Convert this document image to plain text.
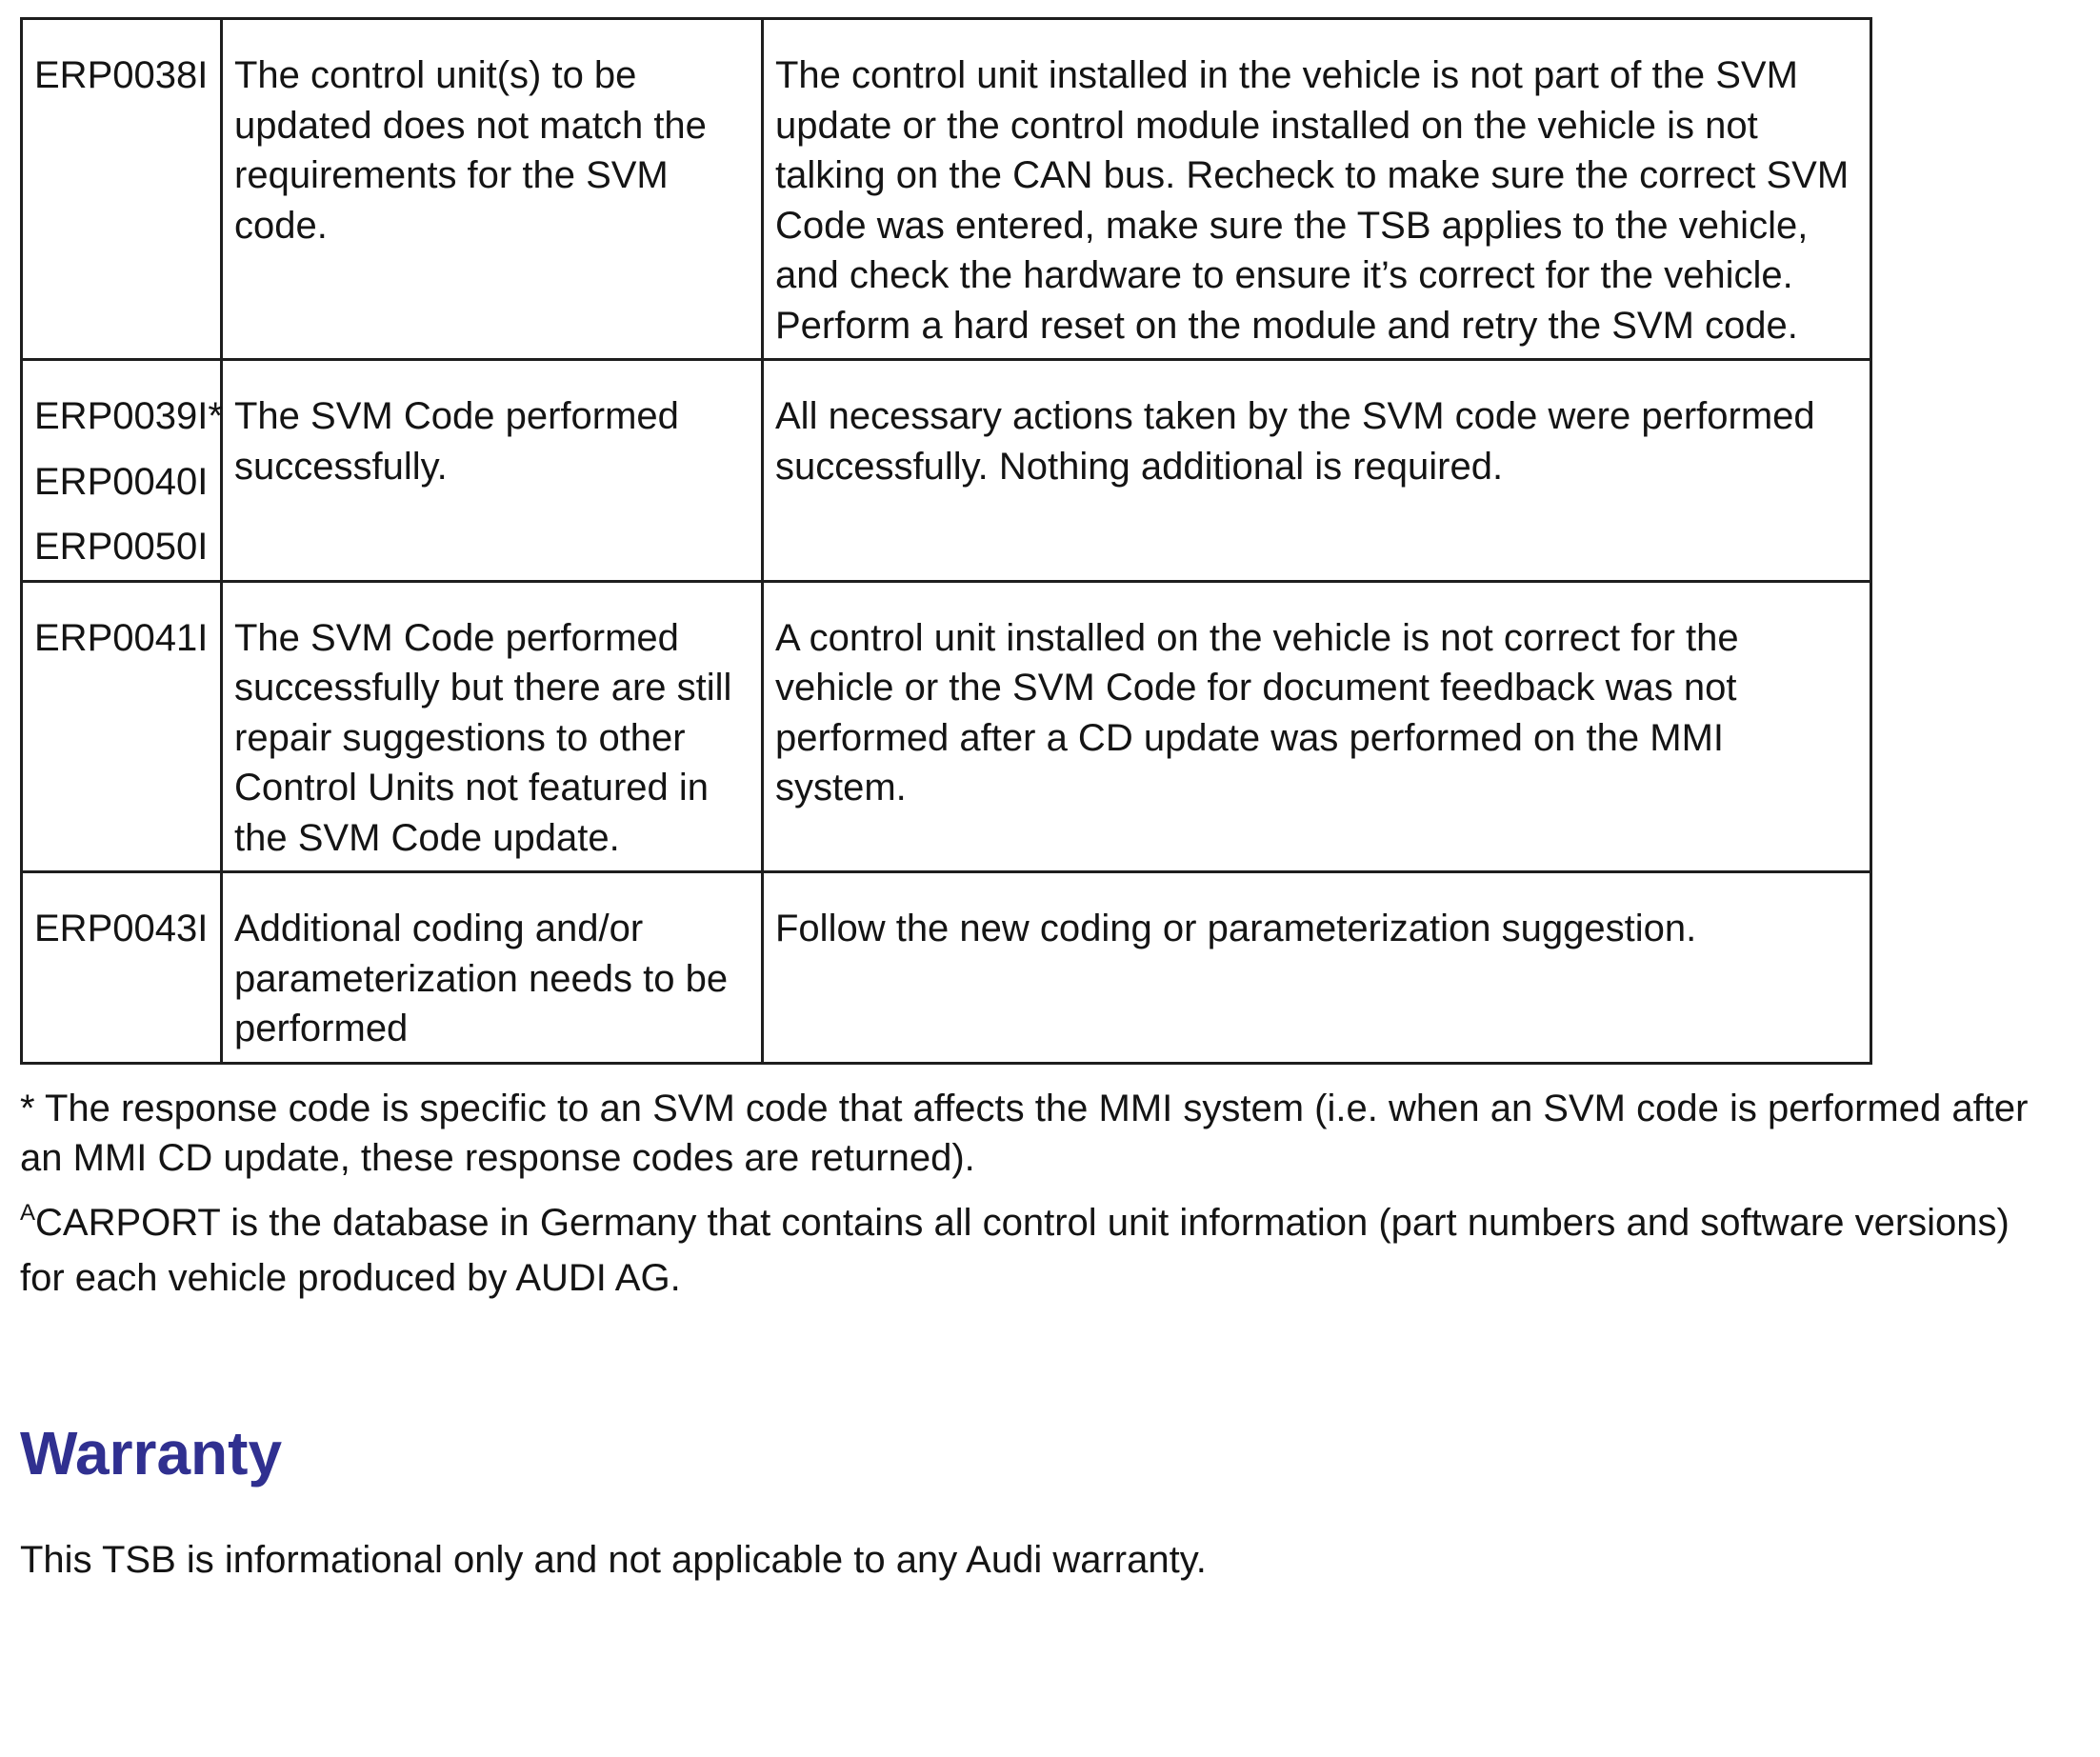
ERP0038I	The control unit(s) to be updated does not match the requirements for the SVM code.	The control unit installed in the vehicle is not part of the SVM update or the control module installed on the vehicle is not talking on the CAN bus. Recheck to make sure the correct SVM Code was entered, make sure the TSB applies to the vehicle, and check the hardware to ensure it’s correct for the vehicle. Perform a hard reset on the module and retry the SVM code.

ERP0039I*
ERP0040I
ERP0050I	The SVM Code performed successfully.	All necessary actions taken by the SVM code were performed successfully. Nothing additional is required.

ERP0041I	The SVM Code performed successfully but there are still repair suggestions to other Control Units not featured in the SVM Code update.	A control unit installed on the vehicle is not correct for the vehicle or the SVM Code for document feedback was not performed after a CD update was performed on the MMI system.

ERP0043I	Additional coding and/or parameterization needs to be performed	Follow the new coding or parameterization suggestion.

* The response code is specific to an SVM code that affects the MMI system (i.e. when an SVM code is performed after an MMI CD update, these response codes are returned).

$^A$CARPORT is the database in Germany that contains all control unit information (part numbers and software versions) for each vehicle produced by AUDI AG.

Warranty

This TSB is informational only and not applicable to any Audi warranty.
